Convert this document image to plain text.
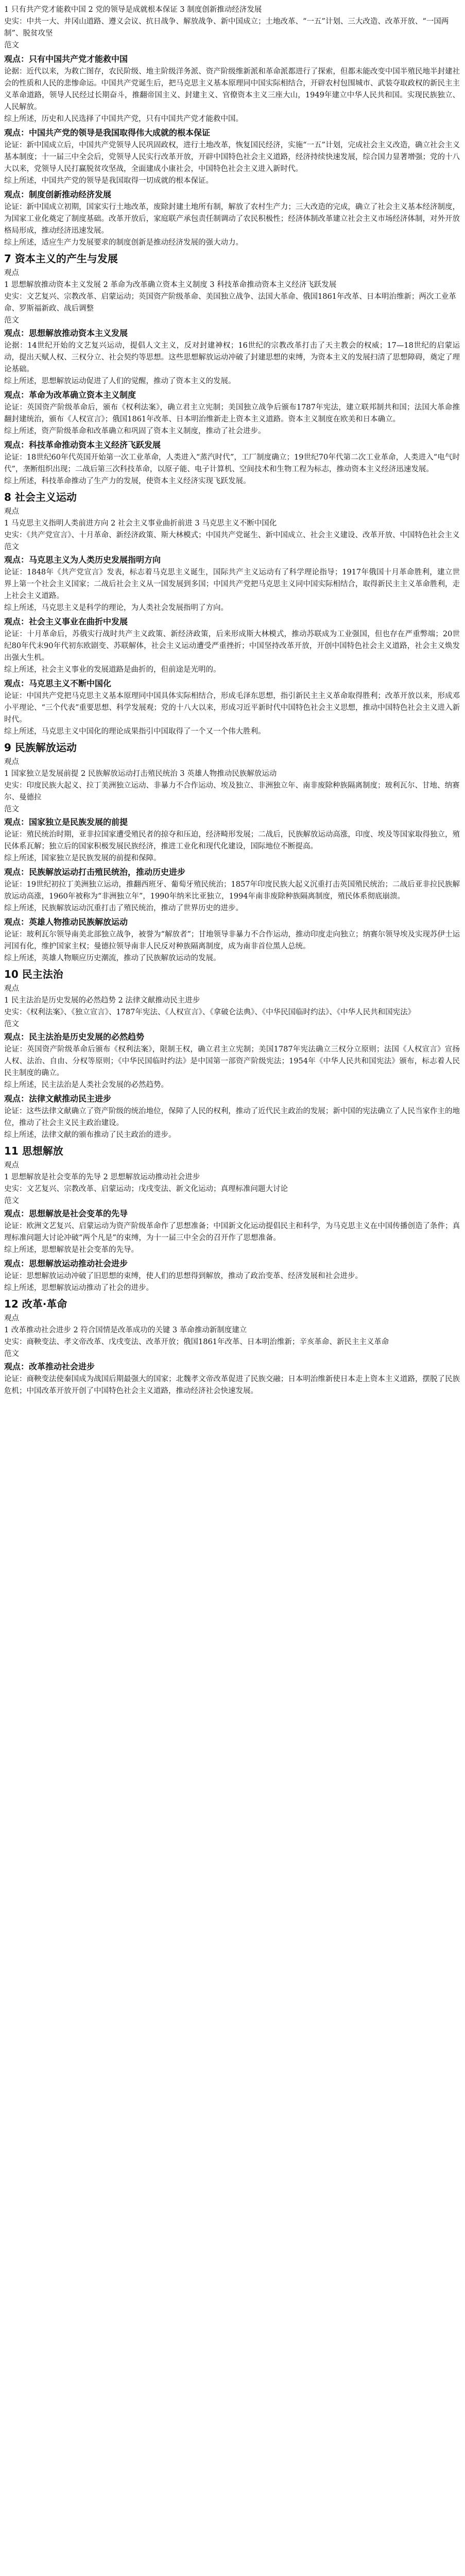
1 只有共产党才能救中国 2 党的领导是成就根本保证 3 制度创新推动经济发展

史实：中共一大、井冈山道路、遵义会议、抗日战争、解放战争、新中国成立；土地改革、“一五”计划、三大改造、改革开放、“一国两制”、脱贫攻坚

范文

观点：只有中国共产党才能救中国

论据：近代以来，为救亡图存，农民阶级、地主阶级洋务派、资产阶级维新派和革命派都进行了探索，但都未能改变中国半殖民地半封建社会的性质和人民的悲惨命运。中国共产党诞生后，把马克思主义基本原理同中国实际相结合，开辟农村包围城市、武装夺取政权的新民主主义革命道路，领导人民经过长期奋斗，推翻帝国主义、封建主义、官僚资本主义三座大山，1949年建立中华人民共和国。实现民族独立、人民解放。

综上所述，历史和人民选择了中国共产党，只有中国共产党才能救中国。

观点：中国共产党的领导是我国取得伟大成就的根本保证

论证：新中国成立后，中国共产党领导人民巩固政权，进行土地改革，恢复国民经济，实施“一五”计划，完成社会主义改造，确立社会主义基本制度；十一届三中全会后，党领导人民实行改革开放，开辟中国特色社会主义道路，经济持续快速发展，综合国力显著增强；党的十八大以来，党领导人民打赢脱贫攻坚战，全面建成小康社会，中国特色社会主义进入新时代。

综上所述，中国共产党的领导是我国取得一切成就的根本保证。

观点：制度创新推动经济发展

论证：新中国成立初期，国家实行土地改革，废除封建土地所有制，解放了农村生产力；三大改造的完成，确立了社会主义基本经济制度，为国家工业化奠定了制度基础。改革开放后，家庭联产承包责任制调动了农民积极性；经济体制改革建立社会主义市场经济体制，对外开放格局形成，推动经济迅速发展。

综上所述，适应生产力发展要求的制度创新是推动经济发展的强大动力。

7 资本主义的产生与发展

观点

1 思想解放推动资本主义发展 2 革命为改革确立资本主义制度 3 科技革命推动资本主义经济飞跃发展

史实：文艺复兴、宗教改革、启蒙运动；英国资产阶级革命、美国独立战争、法国大革命、俄国1861年改革、日本明治维新；两次工业革命、罗斯福新政、战后调整

范文

观点：思想解放推动资本主义发展

论据：14世纪开始的文艺复兴运动，提倡人文主义，反对封建神权；16世纪的宗教改革打击了天主教会的权威；17—18世纪的启蒙运动，提出天赋人权、三权分立、社会契约等思想。这些思想解放运动冲破了封建思想的束缚，为资本主义的发展扫清了思想障碍，奠定了理论基础。

综上所述，思想解放运动促进了人们的觉醒，推动了资本主义的发展。

观点：革命为改革确立资本主义制度

论证：英国资产阶级革命后，颁布《权利法案》，确立君主立宪制；美国独立战争后颁布1787年宪法，建立联邦制共和国；法国大革命推翻封建统治，颁布《人权宣言》；俄国1861年改革、日本明治维新走上资本主义道路。资本主义制度在欧美和日本确立。

综上所述，资产阶级革命和改革确立和巩固了资本主义制度，推动了社会进步。

观点：科技革命推动资本主义经济飞跃发展

论证：18世纪60年代英国开始第一次工业革命，人类进入“蒸汽时代”，工厂制度确立；19世纪70年代第二次工业革命，人类进入“电气时代”，垄断组织出现；二战后第三次科技革命，以原子能、电子计算机、空间技术和生物工程为标志，推动资本主义经济迅速发展。

综上所述，科技革命推动了生产力的发展，使资本主义经济实现飞跃发展。

8 社会主义运动

观点

1 马克思主义指明人类前进方向 2 社会主义事业曲折前进 3 马克思主义不断中国化

史实：《共产党宣言》、十月革命、新经济政策、斯大林模式；中国共产党诞生、新中国成立、社会主义建设、改革开放、中国特色社会主义

范文

观点：马克思主义为人类历史发展指明方向

论证：1848年《共产党宣言》发表，标志着马克思主义诞生，国际共产主义运动有了科学理论指导；1917年俄国十月革命胜利，建立世界上第一个社会主义国家；二战后社会主义从一国发展到多国；中国共产党把马克思主义同中国实际相结合，取得新民主主义革命胜利，走上社会主义道路。

综上所述，马克思主义是科学的理论，为人类社会发展指明了方向。

观点：社会主义事业在曲折中发展

论证：十月革命后，苏俄实行战时共产主义政策、新经济政策，后来形成斯大林模式，推动苏联成为工业强国，但也存在严重弊端；20世纪80年代末90年代初东欧剧变、苏联解体，社会主义运动遭受严重挫折；中国坚持改革开放，开创中国特色社会主义道路，社会主义焕发出强大生机。

综上所述，社会主义事业的发展道路是曲折的，但前途是光明的。

观点：马克思主义不断中国化

论证：中国共产党把马克思主义基本原理同中国具体实际相结合，形成毛泽东思想，指引新民主主义革命取得胜利；改革开放以来，形成邓小平理论、“三个代表”重要思想、科学发展观；党的十八大以来，形成习近平新时代中国特色社会主义思想，推动中国特色社会主义进入新时代。

综上所述，马克思主义中国化的理论成果指引中国取得了一个又一个伟大胜利。

9 民族解放运动

观点

1 国家独立是发展前提 2 民族解放运动打击殖民统治 3 英雄人物推动民族解放运动

史实：印度民族大起义、拉丁美洲独立运动、非暴力不合作运动、埃及独立、非洲独立年、南非废除种族隔离制度；玻利瓦尔、甘地、纳赛尔、曼德拉

范文

观点：国家独立是民族发展的前提

论证：殖民统治时期，亚非拉国家遭受殖民者的掠夺和压迫，经济畸形发展；二战后，民族解放运动高涨，印度、埃及等国家取得独立，殖民体系瓦解；独立后的国家积极发展民族经济，推进工业化和现代化建设，国际地位不断提高。

综上所述，国家独立是民族发展的前提和保障。

观点：民族解放运动打击殖民统治，推动历史进步

论证：19世纪初拉丁美洲独立运动，推翻西班牙、葡萄牙殖民统治；1857年印度民族大起义沉重打击英国殖民统治；二战后亚非拉民族解放运动高涨，1960年被称为“非洲独立年”，1990年纳米比亚独立，1994年南非废除种族隔离制度，殖民体系彻底崩溃。

综上所述，民族解放运动沉重打击了殖民统治，推动了世界历史的进步。

观点：英雄人物推动民族解放运动

论证：玻利瓦尔领导南美北部独立战争，被誉为“解放者”；甘地领导非暴力不合作运动，推动印度走向独立；纳赛尔领导埃及实现苏伊士运河国有化，维护国家主权；曼德拉领导南非人民反对种族隔离制度，成为南非首位黑人总统。

综上所述，英雄人物顺应历史潮流，推动了民族解放运动的发展。

10 民主法治

观点

1 民主法治是历史发展的必然趋势 2 法律文献推动民主进步

史实：《权利法案》、《独立宣言》、1787年宪法、《人权宣言》、《拿破仑法典》、《中华民国临时约法》、《中华人民共和国宪法》

范文

观点：民主法治是历史发展的必然趋势

论证：英国资产阶级革命后颁布《权利法案》，限制王权，确立君主立宪制；美国1787年宪法确立三权分立原则；法国《人权宣言》宣扬人权、法治、自由、分权等原则；《中华民国临时约法》是中国第一部资产阶级宪法；1954年《中华人民共和国宪法》颁布，标志着人民民主制度的确立。

综上所述，民主法治是人类社会发展的必然趋势。

观点：法律文献推动民主进步

论证：这些法律文献确立了资产阶级的统治地位，保障了人民的权利，推动了近代民主政治的发展；新中国的宪法确立了人民当家作主的地位，推动了社会主义民主政治建设。

综上所述，法律文献的颁布推动了民主政治的进步。

11 思想解放

观点

1 思想解放是社会变革的先导 2 思想解放运动推动社会进步

史实：文艺复兴、宗教改革、启蒙运动；戊戌变法、新文化运动；真理标准问题大讨论

范文

观点：思想解放是社会变革的先导

论证：欧洲文艺复兴、启蒙运动为资产阶级革命作了思想准备；中国新文化运动提倡民主和科学，为马克思主义在中国传播创造了条件；真理标准问题大讨论冲破“两个凡是”的束缚，为十一届三中全会的召开作了思想准备。

综上所述，思想解放是社会变革的先导。

观点：思想解放运动推动社会进步

论证：思想解放运动冲破了旧思想的束缚，使人们的思想得到解放，推动了政治变革、经济发展和社会进步。

综上所述，思想解放运动推动了社会的进步。

12 改革·革命

观点

1 改革推动社会进步 2 符合国情是改革成功的关键 3 革命推动新制度建立

史实：商鞅变法、孝文帝改革、戊戌变法、改革开放；俄国1861年改革、日本明治维新；辛亥革命、新民主主义革命

范文

观点：改革推动社会进步

论证：商鞅变法使秦国成为战国后期最强大的国家；北魏孝文帝改革促进了民族交融；日本明治维新使日本走上资本主义道路，摆脱了民族危机；中国改革开放开创了中国特色社会主义道路，推动经济社会快速发展。
